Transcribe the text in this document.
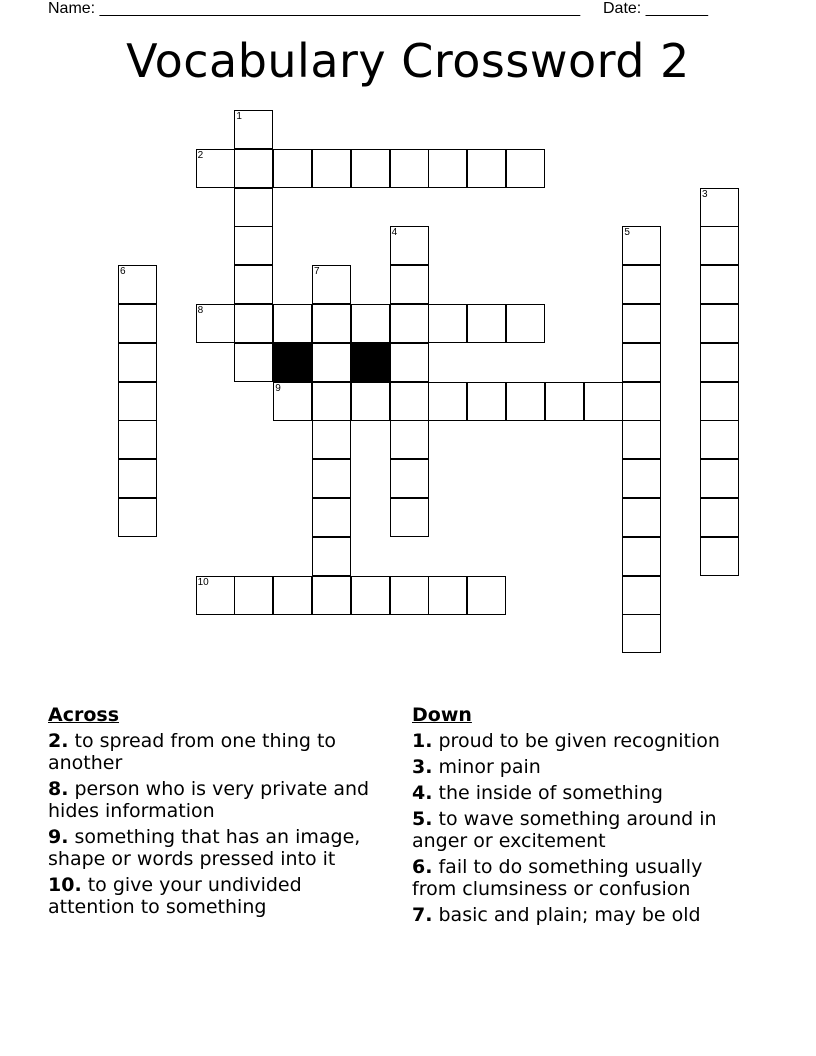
Name: ______________________________________________________ Date: _______
Vocabulary Crossword 2
1
2
3
4	5
6	7
8
9
10
Across
2. to spread from one thing to another
8. person who is very private and hides information
9. something that has an image, shape or words pressed into it
10. to give your undivided attention to something
Down
1. proud to be given recognition
3. minor pain
4. the inside of something
5. to wave something around in anger or excitement
6. fail to do something usually from clumsiness or confusion
7. basic and plain; may be old
